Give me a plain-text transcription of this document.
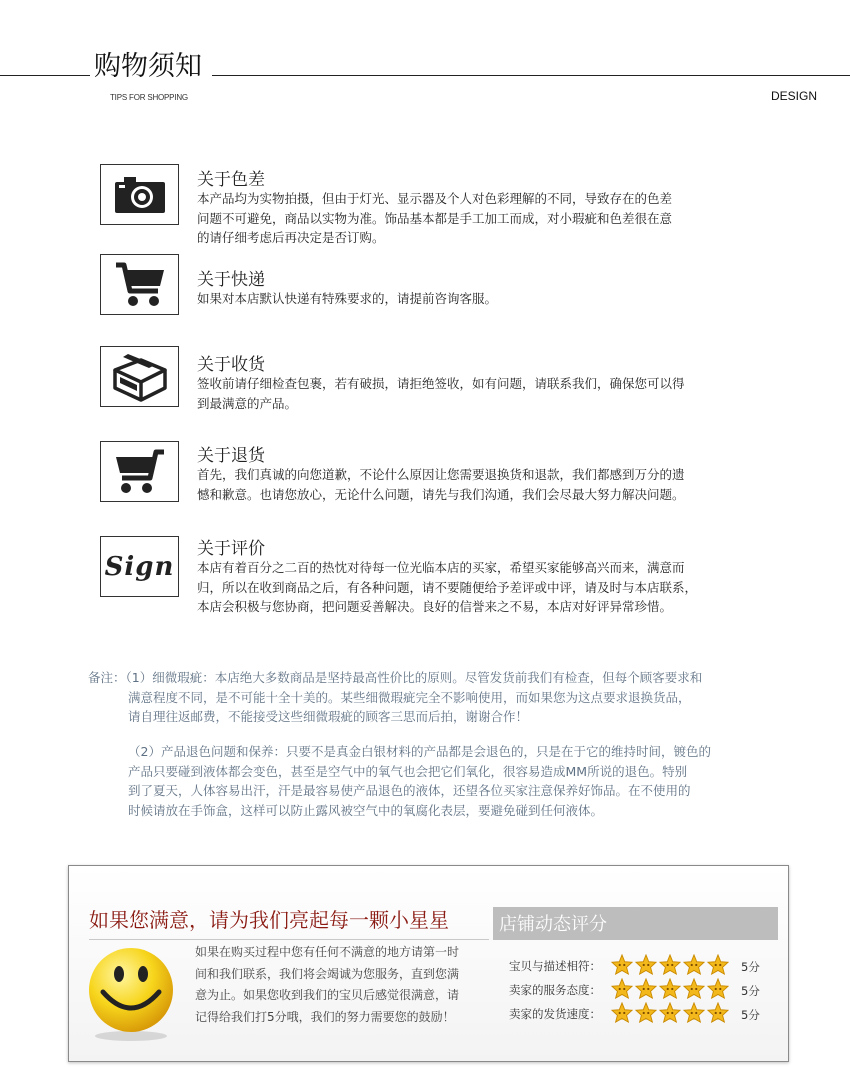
购物须知
TIPS FOR SHOPPING	DESIGN
关于色差
本产品均为实物拍摄，但由于灯光、显示器及个人对色彩理解的不同，导致存在的色差
问题不可避免，商品以实物为准。饰品基本都是手工加工而成，对小瑕疵和色差很在意
的请仔细考虑后再决定是否订购。
关于快递
如果对本店默认快递有特殊要求的，请提前咨询客服。
关于收货
签收前请仔细检查包裹，若有破损，请拒绝签收，如有问题，请联系我们，确保您可以得
到最满意的产品。
关于退货
首先，我们真诚的向您道歉，不论什么原因让您需要退换货和退款，我们都感到万分的遗
憾和歉意。也请您放心，无论什么问题，请先与我们沟通，我们会尽最大努力解决问题。
Sign
关于评价
本店有着百分之二百的热忱对待每一位光临本店的买家，希望买家能够高兴而来，满意而
归，所以在收到商品之后，有各种问题，请不要随便给予差评或中评，请及时与本店联系，
本店会积极与您协商，把问题妥善解决。良好的信誉来之不易，本店对好评异常珍惜。

备注：（1）细微瑕疵：本店绝大多数商品是坚持最高性价比的原则。尽管发货前我们有检查，但每个顾客要求和

满意程度不同，是不可能十全十美的。某些细微瑕疵完全不影响使用，而如果您为这点要求退换货品，

请自理往返邮费，不能接受这些细微瑕疵的顾客三思而后拍，谢谢合作！

（2）产品退色问题和保养：只要不是真金白银材料的产品都是会退色的，只是在于它的维持时间，镀色的

产品只要碰到液体都会变色，甚至是空气中的氧气也会把它们氧化，很容易造成MM所说的退色。特别

到了夏天，人体容易出汗，汗是最容易使产品退色的液体，还望各位买家注意保养好饰品。在不使用的

时候请放在手饰盒，这样可以防止露风被空气中的氧腐化表层，要避免碰到任何液体。

如果您满意，请为我们亮起每一颗小星星
如果在购买过程中您有任何不满意的地方请第一时
间和我们联系，我们将会竭诚为您服务，直到您满
意为止。如果您收到我们的宝贝后感觉很满意，请
记得给我们打5分哦，我们的努力需要您的鼓励！
店铺动态评分
宝贝与描述相符：	5分
卖家的服务态度：	5分
卖家的发货速度：	5分
